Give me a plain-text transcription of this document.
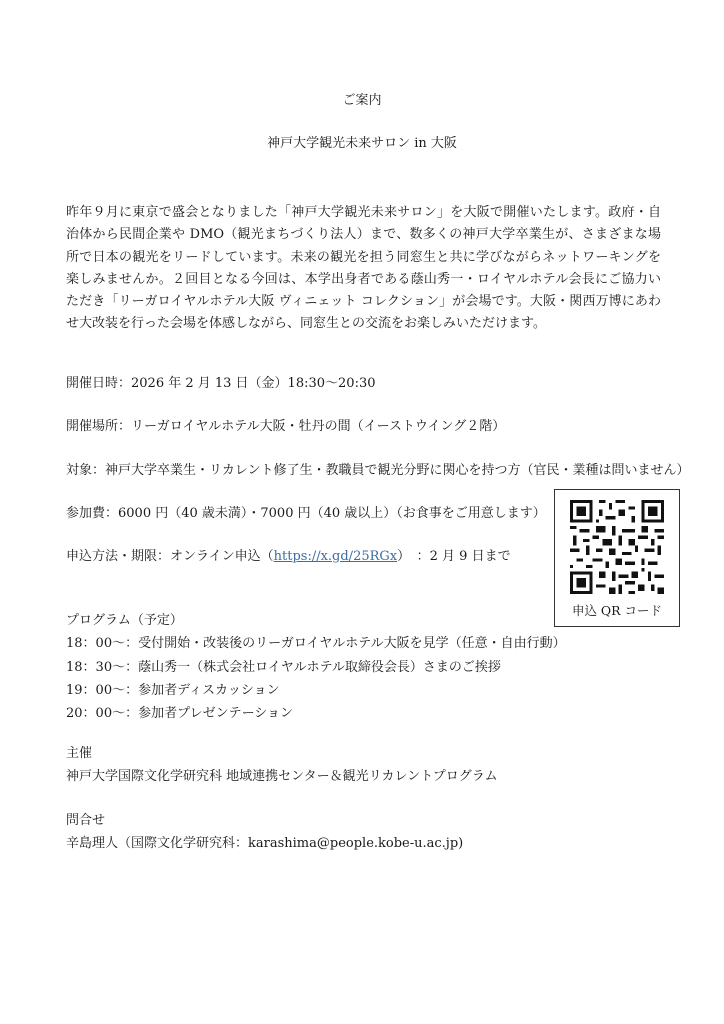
ご案内
神戸大学観光未来サロン in 大阪
昨年９月に東京で盛会となりました「神戸大学観光未来サロン」を大阪で開催いたします。政府・自治体から民間企業や DMO（観光まちづくり法人）まで、数多くの神戸大学卒業生が、さまざまな場所で日本の観光をリードしています。未来の観光を担う同窓生と共に学びながらネットワーキングを楽しみませんか。２回目となる今回は、本学出身者である蔭山秀一・ロイヤルホテル会長にご協力いただき「リーガロイヤルホテル大阪 ヴィニェット コレクション」が会場です。大阪・関西万博にあわせ大改装を行った会場を体感しながら、同窓生との交流をお楽しみいただけます。
開催日時：2026 年 2 月 13 日（金）18:30～20:30
開催場所：リーガロイヤルホテル大阪・牡丹の間（イーストウイング２階）
対象：神戸大学卒業生・リカレント修了生・教職員で観光分野に関心を持つ方（官民・業種は問いません）
参加費：6000 円（40 歳未満）・7000 円（40 歳以上）（お食事をご用意します）
申込方法・期限：オンライン申込（https://x.gd/25RGx）　：2 月 9 日まで
申込 QR コード
プログラム（予定）
18：00～：受付開始・改装後のリーガロイヤルホテル大阪を見学（任意・自由行動）
18：30～：蔭山秀一（株式会社ロイヤルホテル取締役会長）さまのご挨拶
19：00～：参加者ディスカッション
20：00～：参加者プレゼンテーション
主催
神戸大学国際文化学研究科 地域連携センター＆観光リカレントプログラム
問合せ
辛島理人（国際文化学研究科：karashima@people.kobe-u.ac.jp)
